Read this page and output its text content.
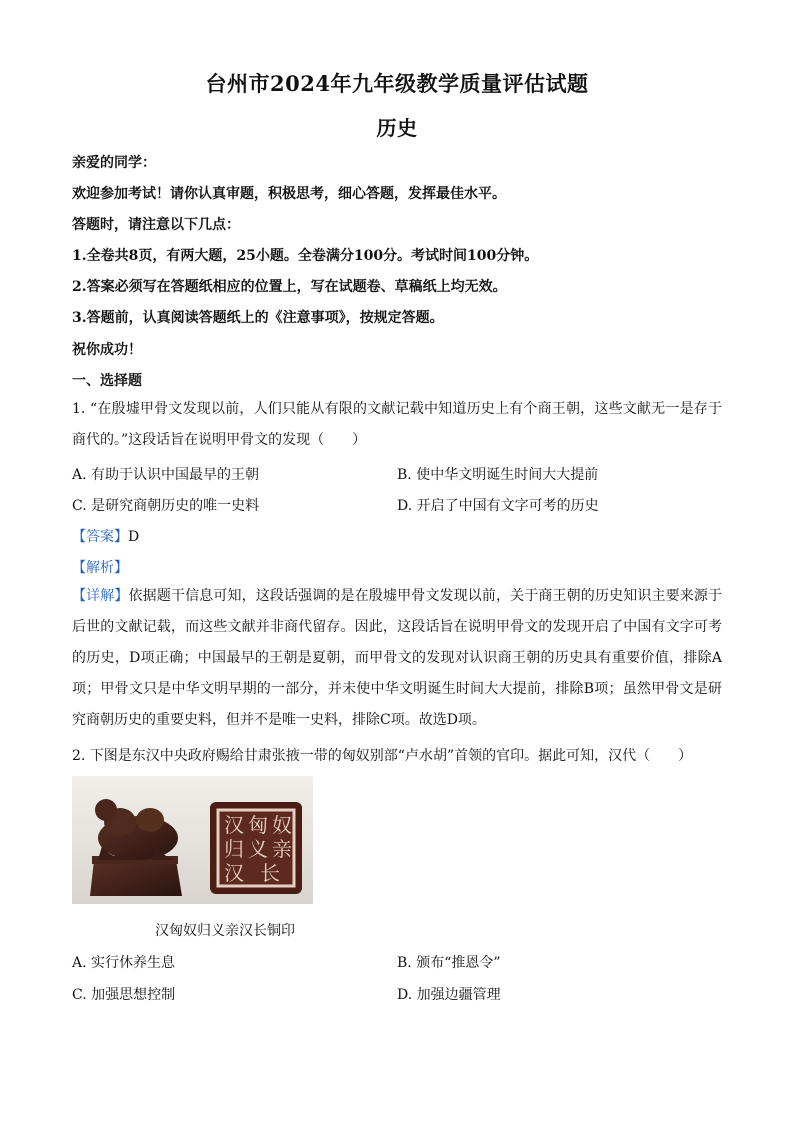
台州市2024年九年级教学质量评估试题
历史
亲爱的同学：
欢迎参加考试！请你认真审题，积极思考，细心答题，发挥最佳水平。
答题时，请注意以下几点：
1.全卷共8页，有两大题，25小题。全卷满分100分。考试时间100分钟。
2.答案必须写在答题纸相应的位置上，写在试题卷、草稿纸上均无效。
3.答题前，认真阅读答题纸上的《注意事项》，按规定答题。
祝你成功！
一、选择题
1. “在殷墟甲骨文发现以前，人们只能从有限的文献记载中知道历史上有个商王朝，这些文献无一是存于商代的。”这段话旨在说明甲骨文的发现（　　）
A. 有助于认识中国最早的王朝	B. 使中华文明诞生时间大大提前
C. 是研究商朝历史的唯一史料	D. 开启了中国有文字可考的历史
【答案】D
【解析】
【详解】依据题干信息可知，这段话强调的是在殷墟甲骨文发现以前，关于商王朝的历史知识主要来源于后世的文献记载，而这些文献并非商代留存。因此，这段话旨在说明甲骨文的发现开启了中国有文字可考的历史，D项正确；中国最早的王朝是夏朝，而甲骨文的发现对认识商王朝的历史具有重要价值，排除A项；甲骨文只是中华文明早期的一部分，并未使中华文明诞生时间大大提前，排除B项；虽然甲骨文是研究商朝历史的重要史料，但并不是唯一史料，排除C项。故选D项。
2. 下图是东汉中央政府赐给甘肃张掖一带的匈奴别部“卢水胡”首领的官印。据此可知，汉代（　　）
汉 匈 奴
归 义 亲
汉 长
汉匈奴归义亲汉长铜印
A. 实行休养生息	B. 颁布“推恩令”
C. 加强思想控制	D. 加强边疆管理
